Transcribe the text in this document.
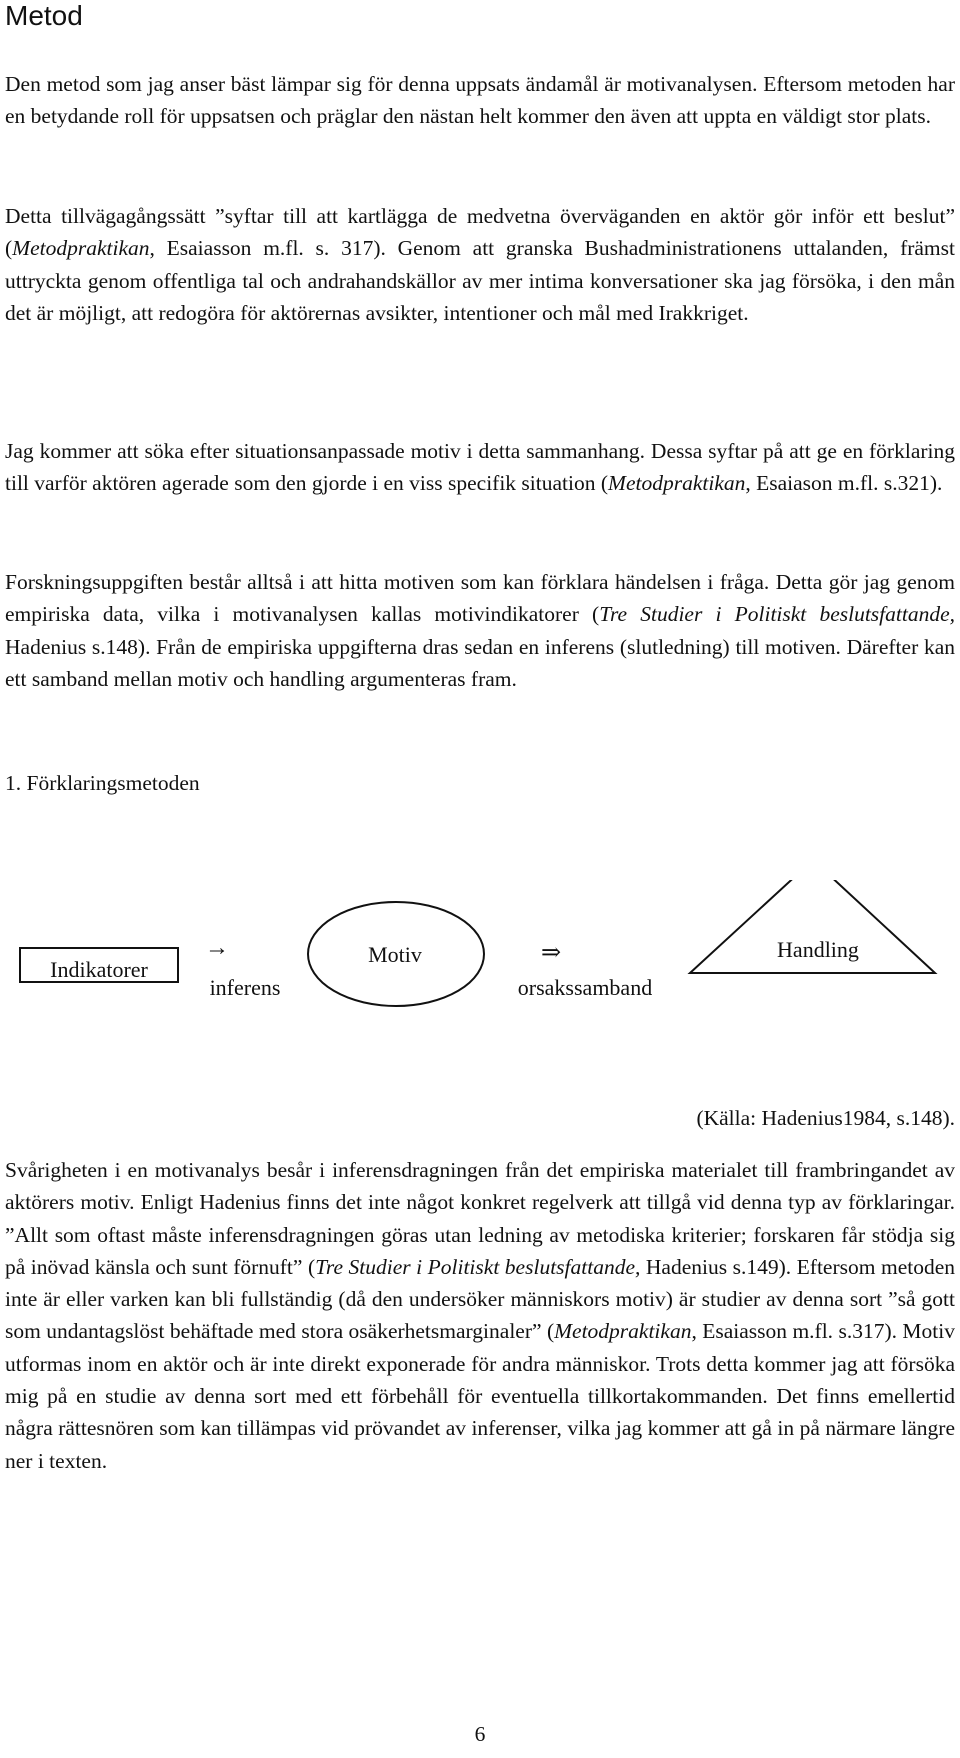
Metod

Den metod som jag anser bäst lämpar sig för denna uppsats ändamål är motivanalysen. Eftersom metoden har en betydande roll för uppsatsen och präglar den nästan helt kommer den även att uppta en väldigt stor plats.

Detta tillvägagångssätt ”syftar till att kartlägga de medvetna överväganden en aktör gör inför ett beslut” (Metodpraktikan, Esaiasson m.fl. s. 317). Genom att granska Bushadministrationens uttalanden, främst uttryckta genom offentliga tal och andrahandskällor av mer intima konversationer ska jag försöka, i den mån det är möjligt, att redogöra för aktörernas avsikter, intentioner och mål med Irakkriget.

Jag kommer att söka efter situationsanpassade motiv i detta sammanhang. Dessa syftar på att ge en förklaring till varför aktören agerade som den gjorde i en viss specifik situation (Metodpraktikan, Esaiason m.fl. s.321).

Forskningsuppgiften består alltså i att hitta motiven som kan förklara händelsen i fråga. Detta gör jag genom empiriska data, vilka i motivanalysen kallas motivindikatorer (Tre Studier i Politiskt beslutsfattande, Hadenius s.148). Från de empiriska uppgifterna dras sedan en inferens (slutledning) till motiven. Därefter kan ett samband mellan motiv och handling argumenteras fram.

1. Förklaringsmetoden
Indikatorer
→
inferens
Motiv	⇒
orsakssamband
Handling
(Källa: Hadenius1984, s.148).

Svårigheten i en motivanalys besår i inferensdragningen från det empiriska materialet till frambringandet av aktörers motiv. Enligt Hadenius finns det inte något konkret regelverk att tillgå vid denna typ av förklaringar. ”Allt som oftast måste inferensdragningen göras utan ledning av metodiska kriterier; forskaren får stödja sig på inövad känsla och sunt förnuft” (Tre Studier i Politiskt beslutsfattande, Hadenius s.149). Eftersom metoden inte är eller varken kan bli fullständig (då den undersöker människors motiv) är studier av denna sort ”så gott som undantagslöst behäftade med stora osäkerhetsmarginaler” (Metodpraktikan, Esaiasson m.fl. s.317). Motiv utformas inom en aktör och är inte direkt exponerade för andra människor. Trots detta kommer jag att försöka mig på en studie av denna sort med ett förbehåll för eventuella tillkortakommanden. Det finns emellertid några rättesnören som kan tillämpas vid prövandet av inferenser, vilka jag kommer att gå in på närmare längre ner i texten.

6
